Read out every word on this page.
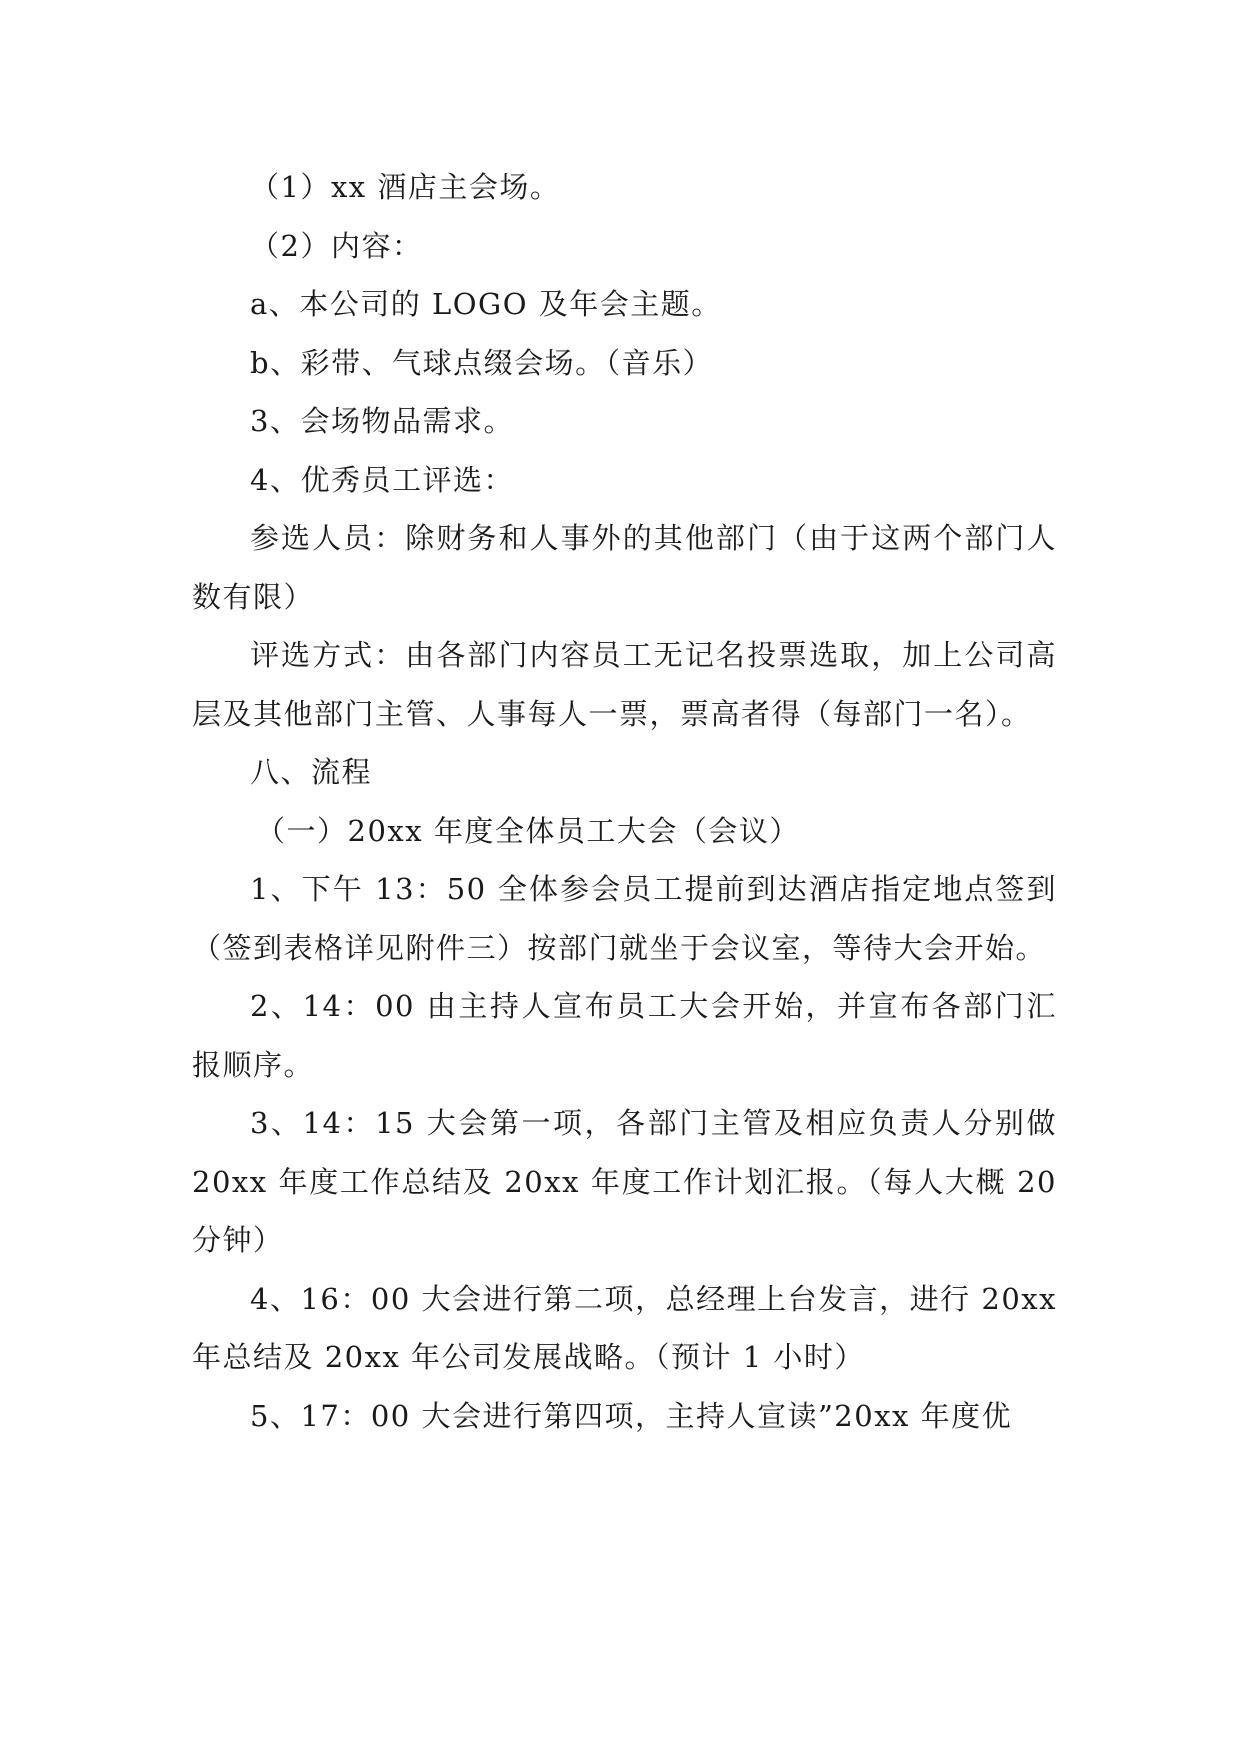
（1）xx 酒店主会场。

（2）内容：

a、本公司的 LOGO 及年会主题。

b、彩带、气球点缀会场。（音乐）

3、会场物品需求。

4、优秀员工评选：

参选人员：除财务和人事外的其他部门（由于这两个部门人数有限）

评选方式：由各部门内容员工无记名投票选取，加上公司高层及其他部门主管、人事每人一票，票高者得（每部门一名）。

八、流程

（一）20xx 年度全体员工大会（会议）

1、下午 13：50 全体参会员工提前到达酒店指定地点签到（签到表格详见附件三）按部门就坐于会议室，等待大会开始。

2、14：00 由主持人宣布员工大会开始，并宣布各部门汇报顺序。

3、14：15 大会第一项，各部门主管及相应负责人分别做 20xx 年度工作总结及 20xx 年度工作计划汇报。（每人大概 20 分钟）

4、16：00 大会进行第二项，总经理上台发言，进行 20xx 年总结及 20xx 年公司发展战略。（预计 1 小时）

5、17：00 大会进行第四项，主持人宣读”20xx 年度优
